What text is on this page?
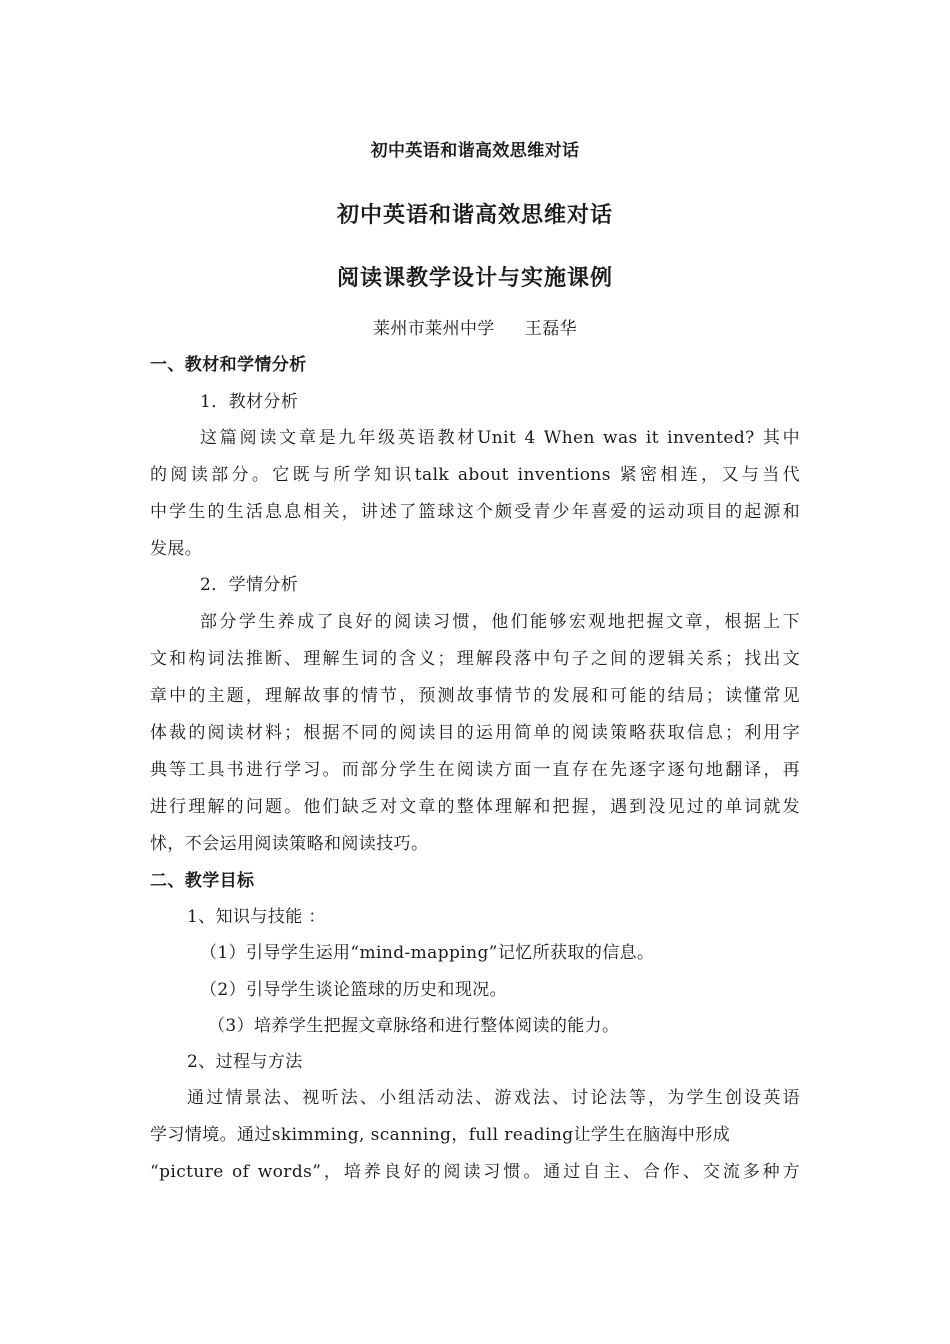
初中英语和谐高效思维对话
初中英语和谐高效思维对话
阅读课教学设计与实施课例
莱州市莱州中学 王磊华
一、教材和学情分析
1．教材分析
这篇阅读文章是九年级英语教材Unit 4 When was it invented? 其中
的阅读部分。它既与所学知识talk about inventions 紧密相连，又与当代
中学生的生活息息相关，讲述了篮球这个颇受青少年喜爱的运动项目的起源和
发展。
2．学情分析
部分学生养成了良好的阅读习惯，他们能够宏观地把握文章，根据上下
文和构词法推断、理解生词的含义；理解段落中句子之间的逻辑关系；找出文
章中的主题，理解故事的情节，预测故事情节的发展和可能的结局；读懂常见
体裁的阅读材料；根据不同的阅读目的运用简单的阅读策略获取信息；利用字
典等工具书进行学习。而部分学生在阅读方面一直存在先逐字逐句地翻译，再
进行理解的问题。他们缺乏对文章的整体理解和把握，遇到没见过的单词就发
怵，不会运用阅读策略和阅读技巧。
二、教学目标
1、知识与技能 ：
（1）引导学生运用“mind-mapping”记忆所获取的信息。
（2）引导学生谈论篮球的历史和现况。
（3）培养学生把握文章脉络和进行整体阅读的能力。
2、过程与方法
通过情景法、视听法、小组活动法、游戏法、讨论法等，为学生创设英语
学习情境。通过skimming, scanning，full reading让学生在脑海中形成
“picture of words”，培养良好的阅读习惯。通过自主、合作、交流多种方
